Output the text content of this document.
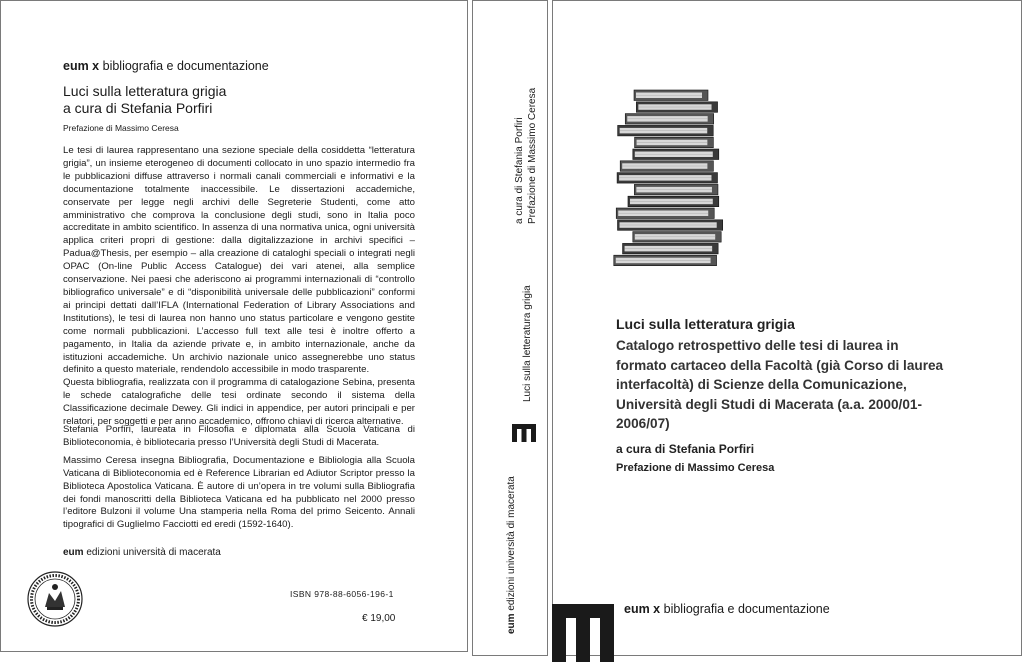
eum x bibliografia e documentazione
Luci sulla letteratura grigia
a cura di Stefania Porfiri
Prefazione di Massimo Ceresa

Le tesi di laurea rappresentano una sezione speciale della cosiddetta “letteratura grigia”, un insieme eterogeneo di documenti collocato in uno spazio intermedio fra le pubblicazioni diffuse attraverso i normali canali commerciali e informativi e la documentazione totalmente inaccessibile. Le dissertazioni accademiche, conservate per legge negli archivi delle Segreterie Studenti, come atto amministrativo che comprova la conclusione degli studi, sono in Italia poco accreditate in ambito scientifico. In assenza di una normativa unica, ogni università applica criteri propri di gestione: dalla digitalizzazione in archivi specifici – Padua@Thesis, per esempio – alla creazione di cataloghi speciali o integrati negli OPAC (On-line Public Access Catalogue) dei vari atenei, alla semplice conservazione. Nei paesi che aderiscono ai programmi internazionali di “controllo bibliografico universale” e di “disponibilità universale delle pubblicazioni” conformi ai principi dettati dall’IFLA (International Federation of Library Associations and Institutions), le tesi di laurea non hanno uno status particolare e vengono gestite come normali pubblicazioni. L’accesso full text alle tesi è inoltre offerto a pagamento, in Italia da aziende private e, in ambito internazionale, anche da istituzioni accademiche. Un archivio nazionale unico assegnerebbe uno status definito a questo materiale, rendendolo accessibile in modo trasparente.

Questa bibliografia, realizzata con il programma di catalogazione Sebina, presenta le schede catalografiche delle tesi ordinate secondo il sistema della Classificazione decimale Dewey. Gli indici in appendice, per autori principali e per relatori, per soggetti e per anno accademico, offrono chiavi di ricerca alternative.

Stefania Porfiri, laureata in Filosofia e diplomata alla Scuola Vaticana di Biblioteconomia, è bibliotecaria presso l’Università degli Studi di Macerata.

Massimo Ceresa insegna Bibliografia, Documentazione e Bibliologia alla Scuola Vaticana di Biblioteconomia ed è Reference Librarian ed Adiutor Scriptor presso la Biblioteca Apostolica Vaticana. È autore di un’opera in tre volumi sulla Bibliografia dei fondi manoscritti della Biblioteca Vaticana ed ha pubblicato nel 2000 presso l’editore Bulzoni il volume Una stamperia nella Roma del primo Seicento. Annali tipografici di Guglielmo Facciotti ed eredi (1592-1640).

eum edizioni università di macerata
ISBN 978-88-6056-196-1
€ 19,00
a cura di Stefania Porfiri Prefazione di Massimo Ceresa
Luci sulla letteratura grigia
eum edizioni università di macerata
Luci sulla letteratura grigia
Catalogo retrospettivo delle tesi di laurea in formato cartaceo della Facoltà (già Corso di laurea interfacoltà) di Scienze della Comunicazione, Università degli Studi di Macerata (a.a. 2000/01-2006/07)
a cura di Stefania Porfiri
Prefazione di Massimo Ceresa
eum x bibliografia e documentazione
